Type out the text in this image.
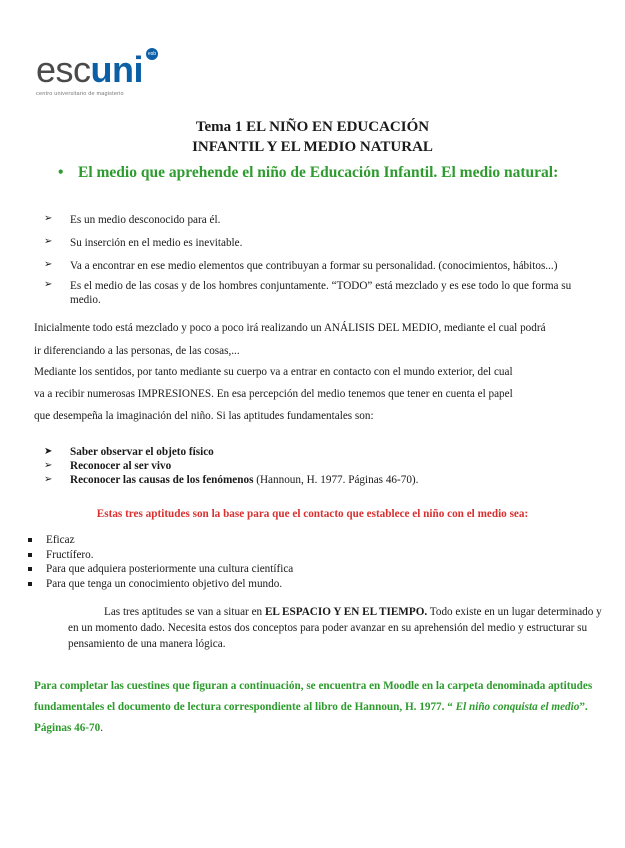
escuni esb
centro universitario de magisterio
Tema 1 EL NIÑO EN EDUCACIÓN
INFANTIL Y EL MEDIO NATURAL
• El medio que aprehende el niño de Educación Infantil. El medio natural:
➢ Es un medio desconocido para él.
➢ Su inserción en el medio es inevitable.
➢ Va a encontrar en ese medio elementos que contribuyan a formar su personalidad. (conocimientos, hábitos...)
➢ Es el medio de las cosas y de los hombres conjuntamente. “TODO” está mezclado y es ese todo lo que forma su medio.
Inicialmente todo está mezclado y poco a poco irá realizando un ANÁLISIS DEL MEDIO, mediante el cual podrá
ir diferenciando a las personas, de las cosas,...
Mediante los sentidos, por tanto mediante su cuerpo va a entrar en contacto con el mundo exterior, del cual
va a recibir numerosas IMPRESIONES. En esa percepción del medio tenemos que tener en cuenta el papel
que desempeña la imaginación del niño. Si las aptitudes fundamentales son:
➤ Saber observar el objeto físico
➢ Reconocer al ser vivo
➢ Reconocer las causas de los fenómenos (Hannoun, H. 1977. Páginas 46-70).
Estas tres aptitudes son la base para que el contacto que establece el niño con el medio sea:
Eficaz
Fructífero.
Para que adquiera posteriormente una cultura científica
Para que tenga un conocimiento objetivo del mundo.
Las tres aptitudes se van a situar en EL ESPACIO Y EN EL TIEMPO. Todo existe en un lugar determinado y en un momento dado. Necesita estos dos conceptos para poder avanzar en su aprehensión del medio y estructurar su pensamiento de una manera lógica.
Para completar las cuestines que figuran a continuación, se encuentra en Moodle en la carpeta denominada aptitudes fundamentales el documento de lectura correspondiente al libro de Hannoun, H. 1977. “ El niño conquista el medio”. Páginas 46-70.
